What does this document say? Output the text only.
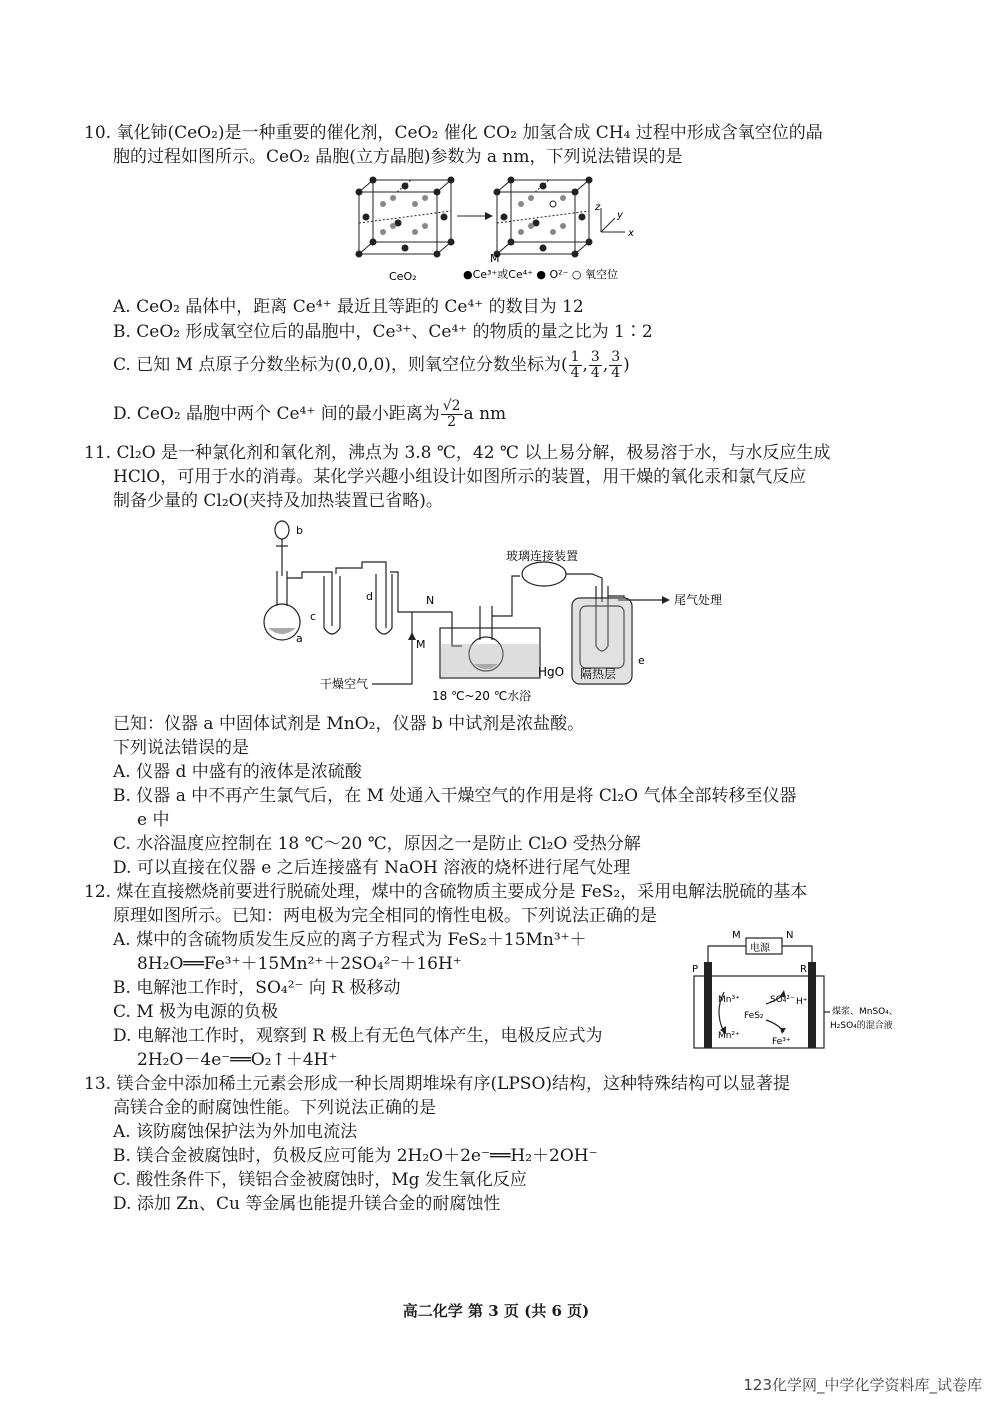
10. 氧化铈(CeO₂)是一种重要的催化剂，CeO₂ 催化 CO₂ 加氢合成 CH₄ 过程中形成含氧空位的晶
胞的过程如图所示。CeO₂ 晶胞(立方晶胞)参数为 a nm，下列说法错误的是
x
y
z
M
CeO₂	●Ce³⁺或Ce⁴⁺ ● O²⁻ ○ 氧空位
A. CeO₂ 晶体中，距离 Ce⁴⁺ 最近且等距的 Ce⁴⁺ 的数目为 12
B. CeO₂ 形成氧空位后的晶胞中，Ce³⁺、Ce⁴⁺ 的物质的量之比为 1∶2
C. 已知 M 点原子分数坐标为(0,0,0)，则氧空位分数坐标为( $\frac{1}{4}$ , $\frac{3}{4}$ , $\frac{3}{4}$ )
D. CeO₂ 晶胞中两个 Ce⁴⁺ 间的最小距离为 $\frac{√2}{2}$ a nm
11. Cl₂O 是一种氯化剂和氧化剂，沸点为 3.8 ℃，42 ℃ 以上易分解，极易溶于水，与水反应生成
HClO，可用于水的消毒。某化学兴趣小组设计如图所示的装置，用干燥的氧化汞和氯气反应
制备少量的 Cl₂O(夹持及加热装置已省略)。
b
a
c
d	N
M
玻璃连接装置
尾气处理
HgO 隔热层
e
干燥空气
18 ℃~20 ℃水浴
已知：仪器 a 中固体试剂是 MnO₂，仪器 b 中试剂是浓盐酸。
下列说法错误的是
A. 仪器 d 中盛有的液体是浓硫酸
B. 仪器 a 中不再产生氯气后，在 M 处通入干燥空气的作用是将 Cl₂O 气体全部转移至仪器
e 中
C. 水浴温度应控制在 18 ℃～20 ℃，原因之一是防止 Cl₂O 受热分解
D. 可以直接在仪器 e 之后连接盛有 NaOH 溶液的烧杯进行尾气处理
12. 煤在直接燃烧前要进行脱硫处理，煤中的含硫物质主要成分是 FeS₂，采用电解法脱硫的基本
原理如图所示。已知：两电极为完全相同的惰性电极。下列说法正确的是
A. 煤中的含硫物质发生反应的离子方程式为 FeS₂＋15Mn³⁺＋
8H₂O══Fe³⁺＋15Mn²⁺＋2SO₄²⁻＋16H⁺
B. 电解池工作时，SO₄²⁻ 向 R 极移动
C. M 极为电源的负极
D. 电解池工作时，观察到 R 极上有无色气体产生，电极反应式为
2H₂O－4e⁻══O₂↑＋4H⁺
M	N
电源
P	R
Mn³⁺	SO₄²⁻
FeS₂
H⁺
Mn²⁺
Fe³⁺
煤浆、MnSO₄、
H₂SO₄的混合液
13. 镁合金中添加稀土元素会形成一种长周期堆垛有序(LPSO)结构，这种特殊结构可以显著提
高镁合金的耐腐蚀性能。下列说法正确的是
A. 该防腐蚀保护法为外加电流法
B. 镁合金被腐蚀时，负极反应可能为 2H₂O＋2e⁻══H₂＋2OH⁻
C. 酸性条件下，镁铝合金被腐蚀时，Mg 发生氧化反应
D. 添加 Zn、Cu 等金属也能提升镁合金的耐腐蚀性
高二化学 第 3 页 (共 6 页)
123化学网_中学化学资料库_试卷库
